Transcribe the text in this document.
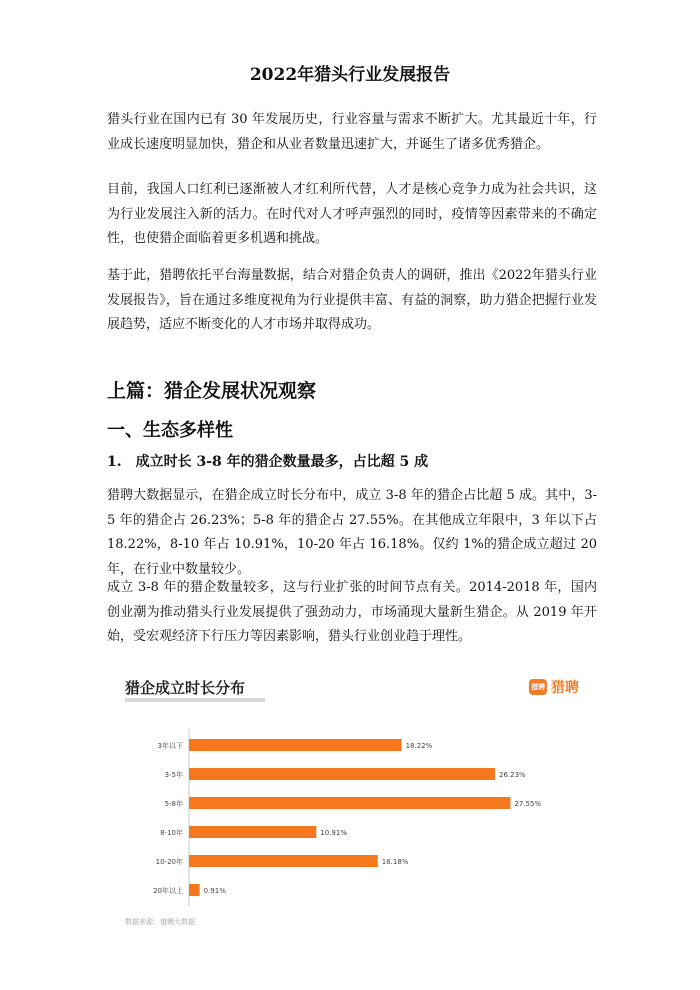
2022年猎头行业发展报告

猎头行业在国内已有 30 年发展历史，行业容量与需求不断扩大。尤其最近十年，行业成长速度明显加快，猎企和从业者数量迅速扩大，并诞生了诸多优秀猎企。

目前，我国人口红利已逐渐被人才红利所代替，人才是核心竞争力成为社会共识，这为行业发展注入新的活力。在时代对人才呼声强烈的同时，疫情等因素带来的不确定性，也使猎企面临着更多机遇和挑战。

基于此，猎聘依托平台海量数据，结合对猎企负责人的调研，推出《2022年猎头行业发展报告》，旨在通过多维度视角为行业提供丰富、有益的洞察，助力猎企把握行业发展趋势，适应不断变化的人才市场并取得成功。

上篇：猎企发展状况观察
一、生态多样性
1.　成立时长 3-8 年的猎企数量最多，占比超 5 成

猎聘大数据显示，在猎企成立时长分布中，成立 3-8 年的猎企占比超 5 成。其中，3-5 年的猎企占 26.23%；5-8 年的猎企占 27.55%。在其他成立年限中，3 年以下占 18.22%，8-10 年占 10.91%，10-20 年占 16.18%。仅约 1%的猎企成立超过 20 年，在行业中数量较少。

成立 3-8 年的猎企数量较多，这与行业扩张的时间节点有关。2014-2018 年，国内创业潮为推动猎头行业发展提供了强劲动力，市场涌现大量新生猎企。从 2019 年开始，受宏观经济下行压力等因素影响，猎头行业创业趋于理性。

猎企成立时长分布	猎聘 猎聘
3年以下	18.22%
3-5年	26.23%
5-8年	27.55%
8-10年	10.91%
10-20年	16.18%
20年以上	0.91%
数据来源：猎聘大数据
